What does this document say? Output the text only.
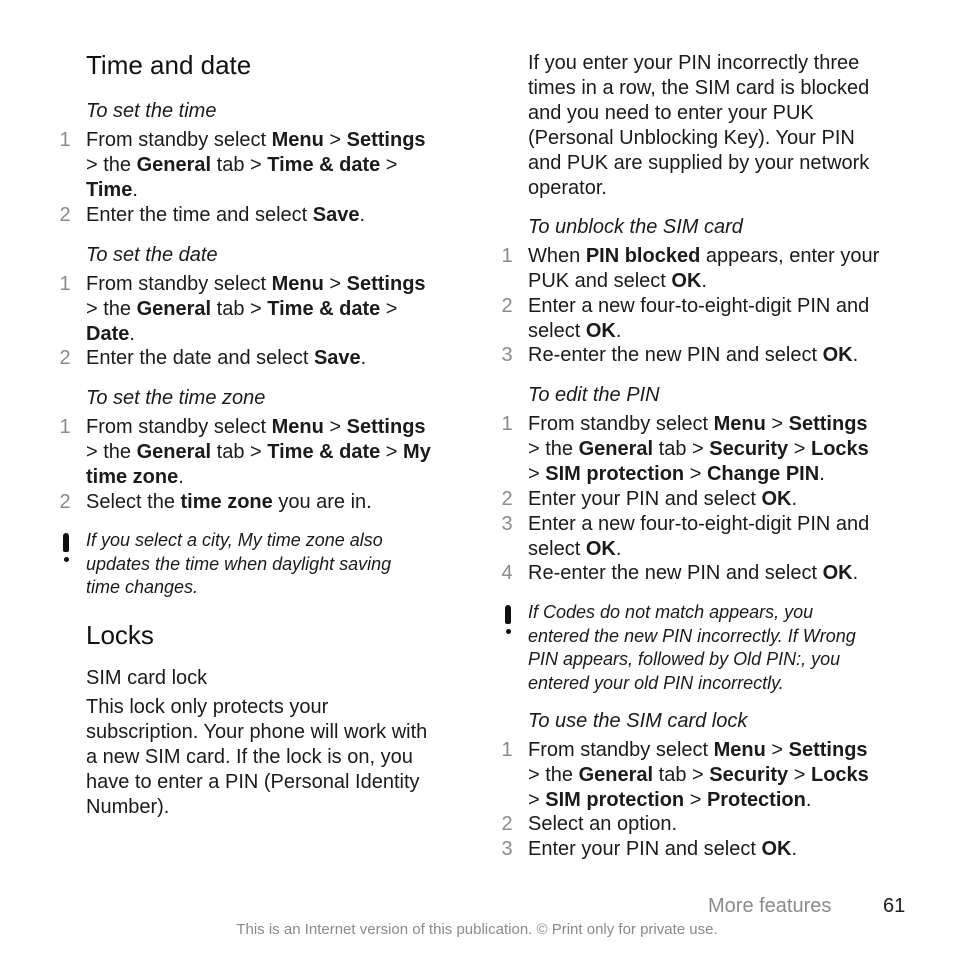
Time and date
To set the time
1 From standby select Menu > Settings
> the General tab > Time & date >
Time.
2 Enter the time and select Save.
To set the date
1 From standby select Menu > Settings
> the General tab > Time & date >
Date.
2 Enter the date and select Save.
To set the time zone
1 From standby select Menu > Settings
> the General tab > Time & date > My
time zone.
2 Select the time zone you are in.
If you select a city, My time zone also
updates the time when daylight saving
time changes.
Locks
SIM card lock
This lock only protects your
subscription. Your phone will work with
a new SIM card. If the lock is on, you
have to enter a PIN (Personal Identity
Number).
If you enter your PIN incorrectly three
times in a row, the SIM card is blocked
and you need to enter your PUK
(Personal Unblocking Key). Your PIN
and PUK are supplied by your network
operator.
To unblock the SIM card
1 When PIN blocked appears, enter your
PUK and select OK.
2 Enter a new four-to-eight-digit PIN and
select OK.
3 Re-enter the new PIN and select OK.
To edit the PIN
1 From standby select Menu > Settings
> the General tab > Security > Locks
> SIM protection > Change PIN.
2 Enter your PIN and select OK.
3 Enter a new four-to-eight-digit PIN and
select OK.
4 Re-enter the new PIN and select OK.
If Codes do not match appears, you
entered the new PIN incorrectly. If Wrong
PIN appears, followed by Old PIN:, you
entered your old PIN incorrectly.
To use the SIM card lock
1 From standby select Menu > Settings
> the General tab > Security > Locks
> SIM protection > Protection.
2 Select an option.
3 Enter your PIN and select OK.
More features	61
This is an Internet version of this publication. © Print only for private use.
